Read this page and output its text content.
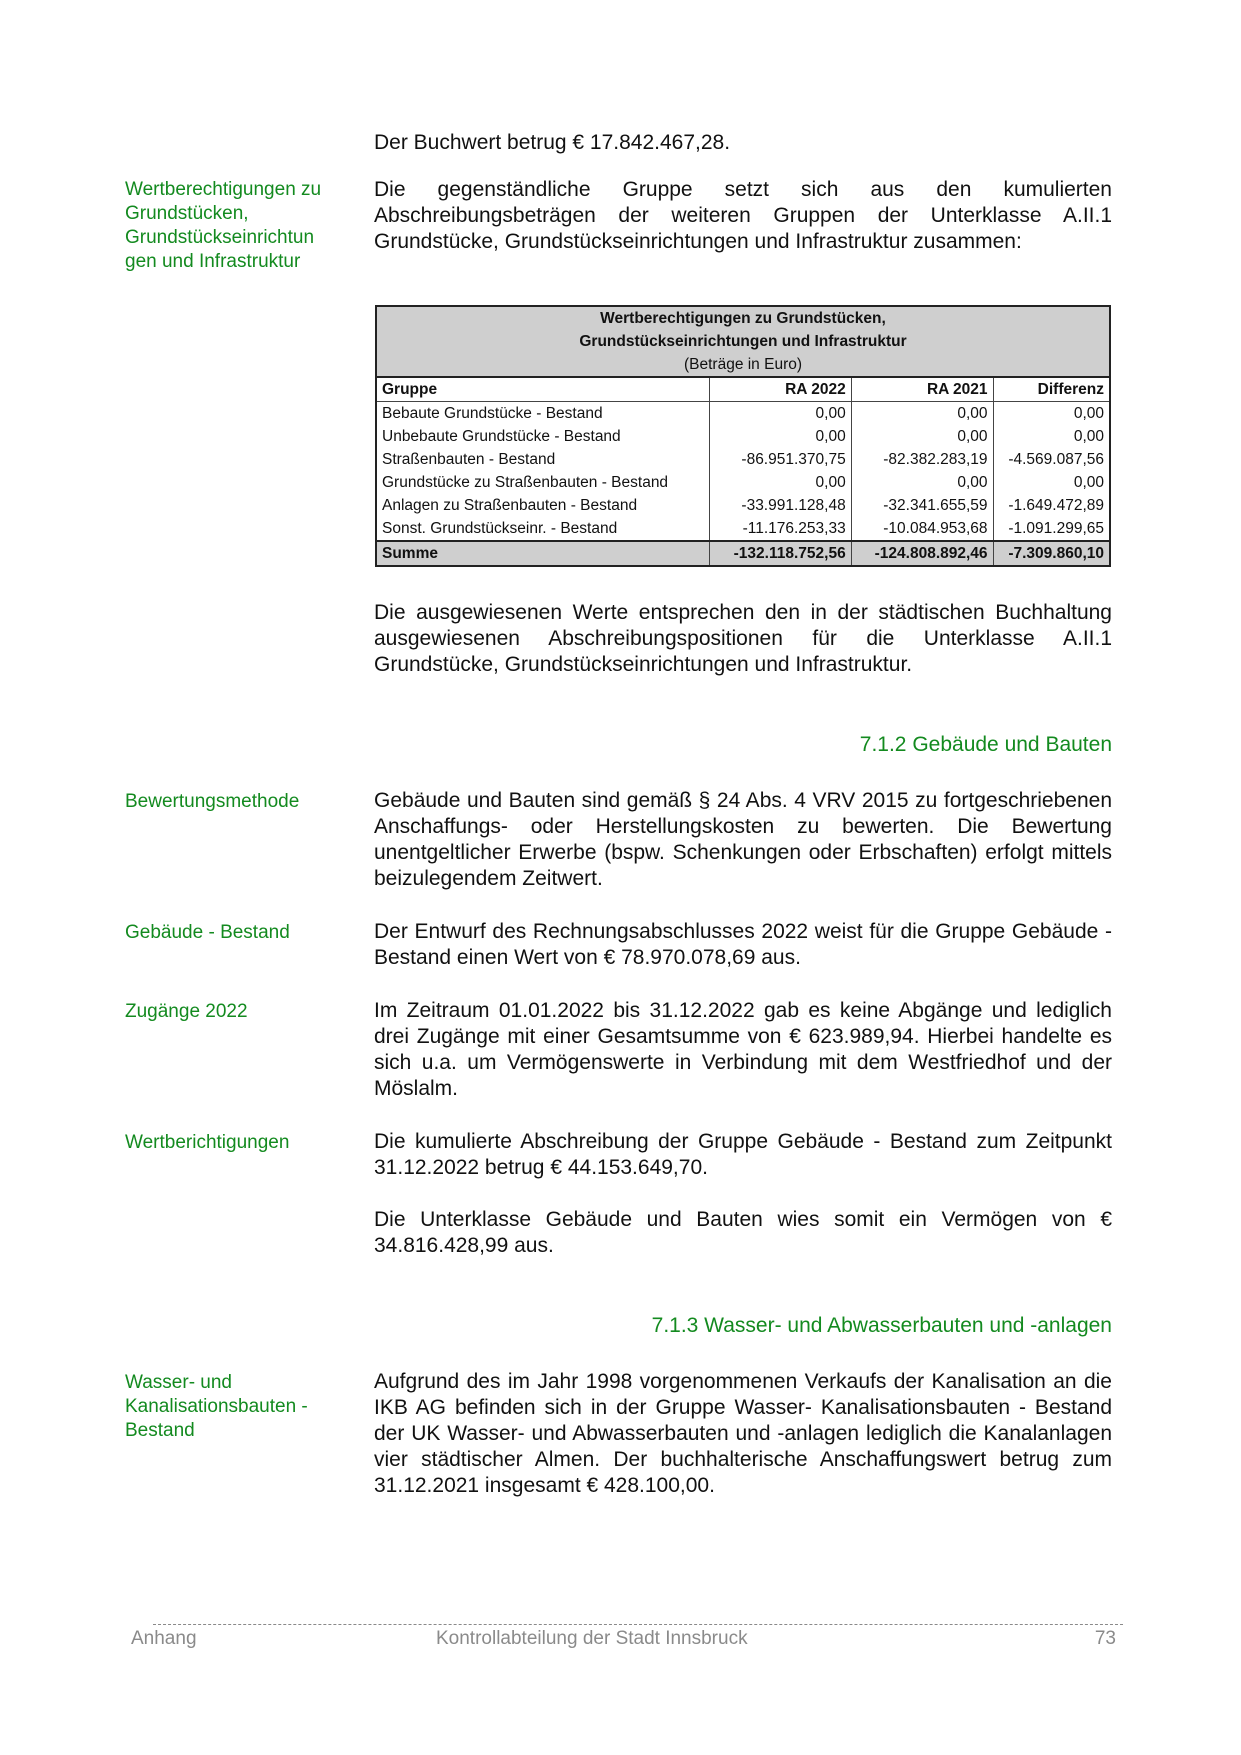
Der Buchwert betrug € 17.842.467,28.
Wertberechtigungen zu Grundstücken, Grundstückseinrichtun gen und Infrastruktur
Die gegenständliche Gruppe setzt sich aus den kumulierten Abschreibungsbeträgen der weiteren Gruppen der Unterklasse A.II.1 Grundstücke, Grundstückseinrichtungen und Infrastruktur zusammen:
Wertberechtigungen zu Grundstücken,			
Grundstückseinrichtungen und Infrastruktur			
(Beträge in Euro)			
Gruppe	RA 2022	RA 2021	Differenz
Bebaute Grundstücke - Bestand	0,00	0,00	0,00
Unbebaute Grundstücke - Bestand	0,00	0,00	0,00
Straßenbauten - Bestand	-86.951.370,75	-82.382.283,19	-4.569.087,56
Grundstücke zu Straßenbauten - Bestand	0,00	0,00	0,00
Anlagen zu Straßenbauten - Bestand	-33.991.128,48	-32.341.655,59	-1.649.472,89
Sonst. Grundstückseinr. - Bestand	-11.176.253,33	-10.084.953,68	-1.091.299,65
Summe	-132.118.752,56	-124.808.892,46	-7.309.860,10
Die ausgewiesenen Werte entsprechen den in der städtischen Buchhaltung ausgewiesenen Abschreibungspositionen für die Unterklasse A.II.1 Grundstücke, Grundstückseinrichtungen und Infrastruktur.
7.1.2 Gebäude und Bauten
Bewertungsmethode	Gebäude und Bauten sind gemäß § 24 Abs. 4 VRV 2015 zu fortgeschriebenen Anschaffungs- oder Herstellungskosten zu bewerten. Die Bewertung unentgeltlicher Erwerbe (bspw. Schenkungen oder Erbschaften) erfolgt mittels beizulegendem Zeitwert.
Gebäude - Bestand	Der Entwurf des Rechnungsabschlusses 2022 weist für die Gruppe Gebäude - Bestand einen Wert von € 78.970.078,69 aus.
Zugänge 2022	Im Zeitraum 01.01.2022 bis 31.12.2022 gab es keine Abgänge und lediglich drei Zugänge mit einer Gesamtsumme von € 623.989,94. Hierbei handelte es sich u.a. um Vermögenswerte in Verbindung mit dem Westfriedhof und der Möslalm.
Wertberichtigungen	Die kumulierte Abschreibung der Gruppe Gebäude - Bestand zum Zeitpunkt 31.12.2022 betrug € 44.153.649,70.
Die Unterklasse Gebäude und Bauten wies somit ein Vermögen von € 34.816.428,99 aus.
7.1.3 Wasser- und Abwasserbauten und -anlagen
Wasser- und Kanalisationsbauten - Bestand
Aufgrund des im Jahr 1998 vorgenommenen Verkaufs der Kanalisation an die IKB AG befinden sich in der Gruppe Wasser- Kanalisationsbauten - Bestand der UK Wasser- und Abwasserbauten und -anlagen lediglich die Kanalanlagen vier städtischer Almen. Der buchhalterische Anschaffungswert betrug zum 31.12.2021 insgesamt € 428.100,00.
Anhang	Kontrollabteilung der Stadt Innsbruck	73
